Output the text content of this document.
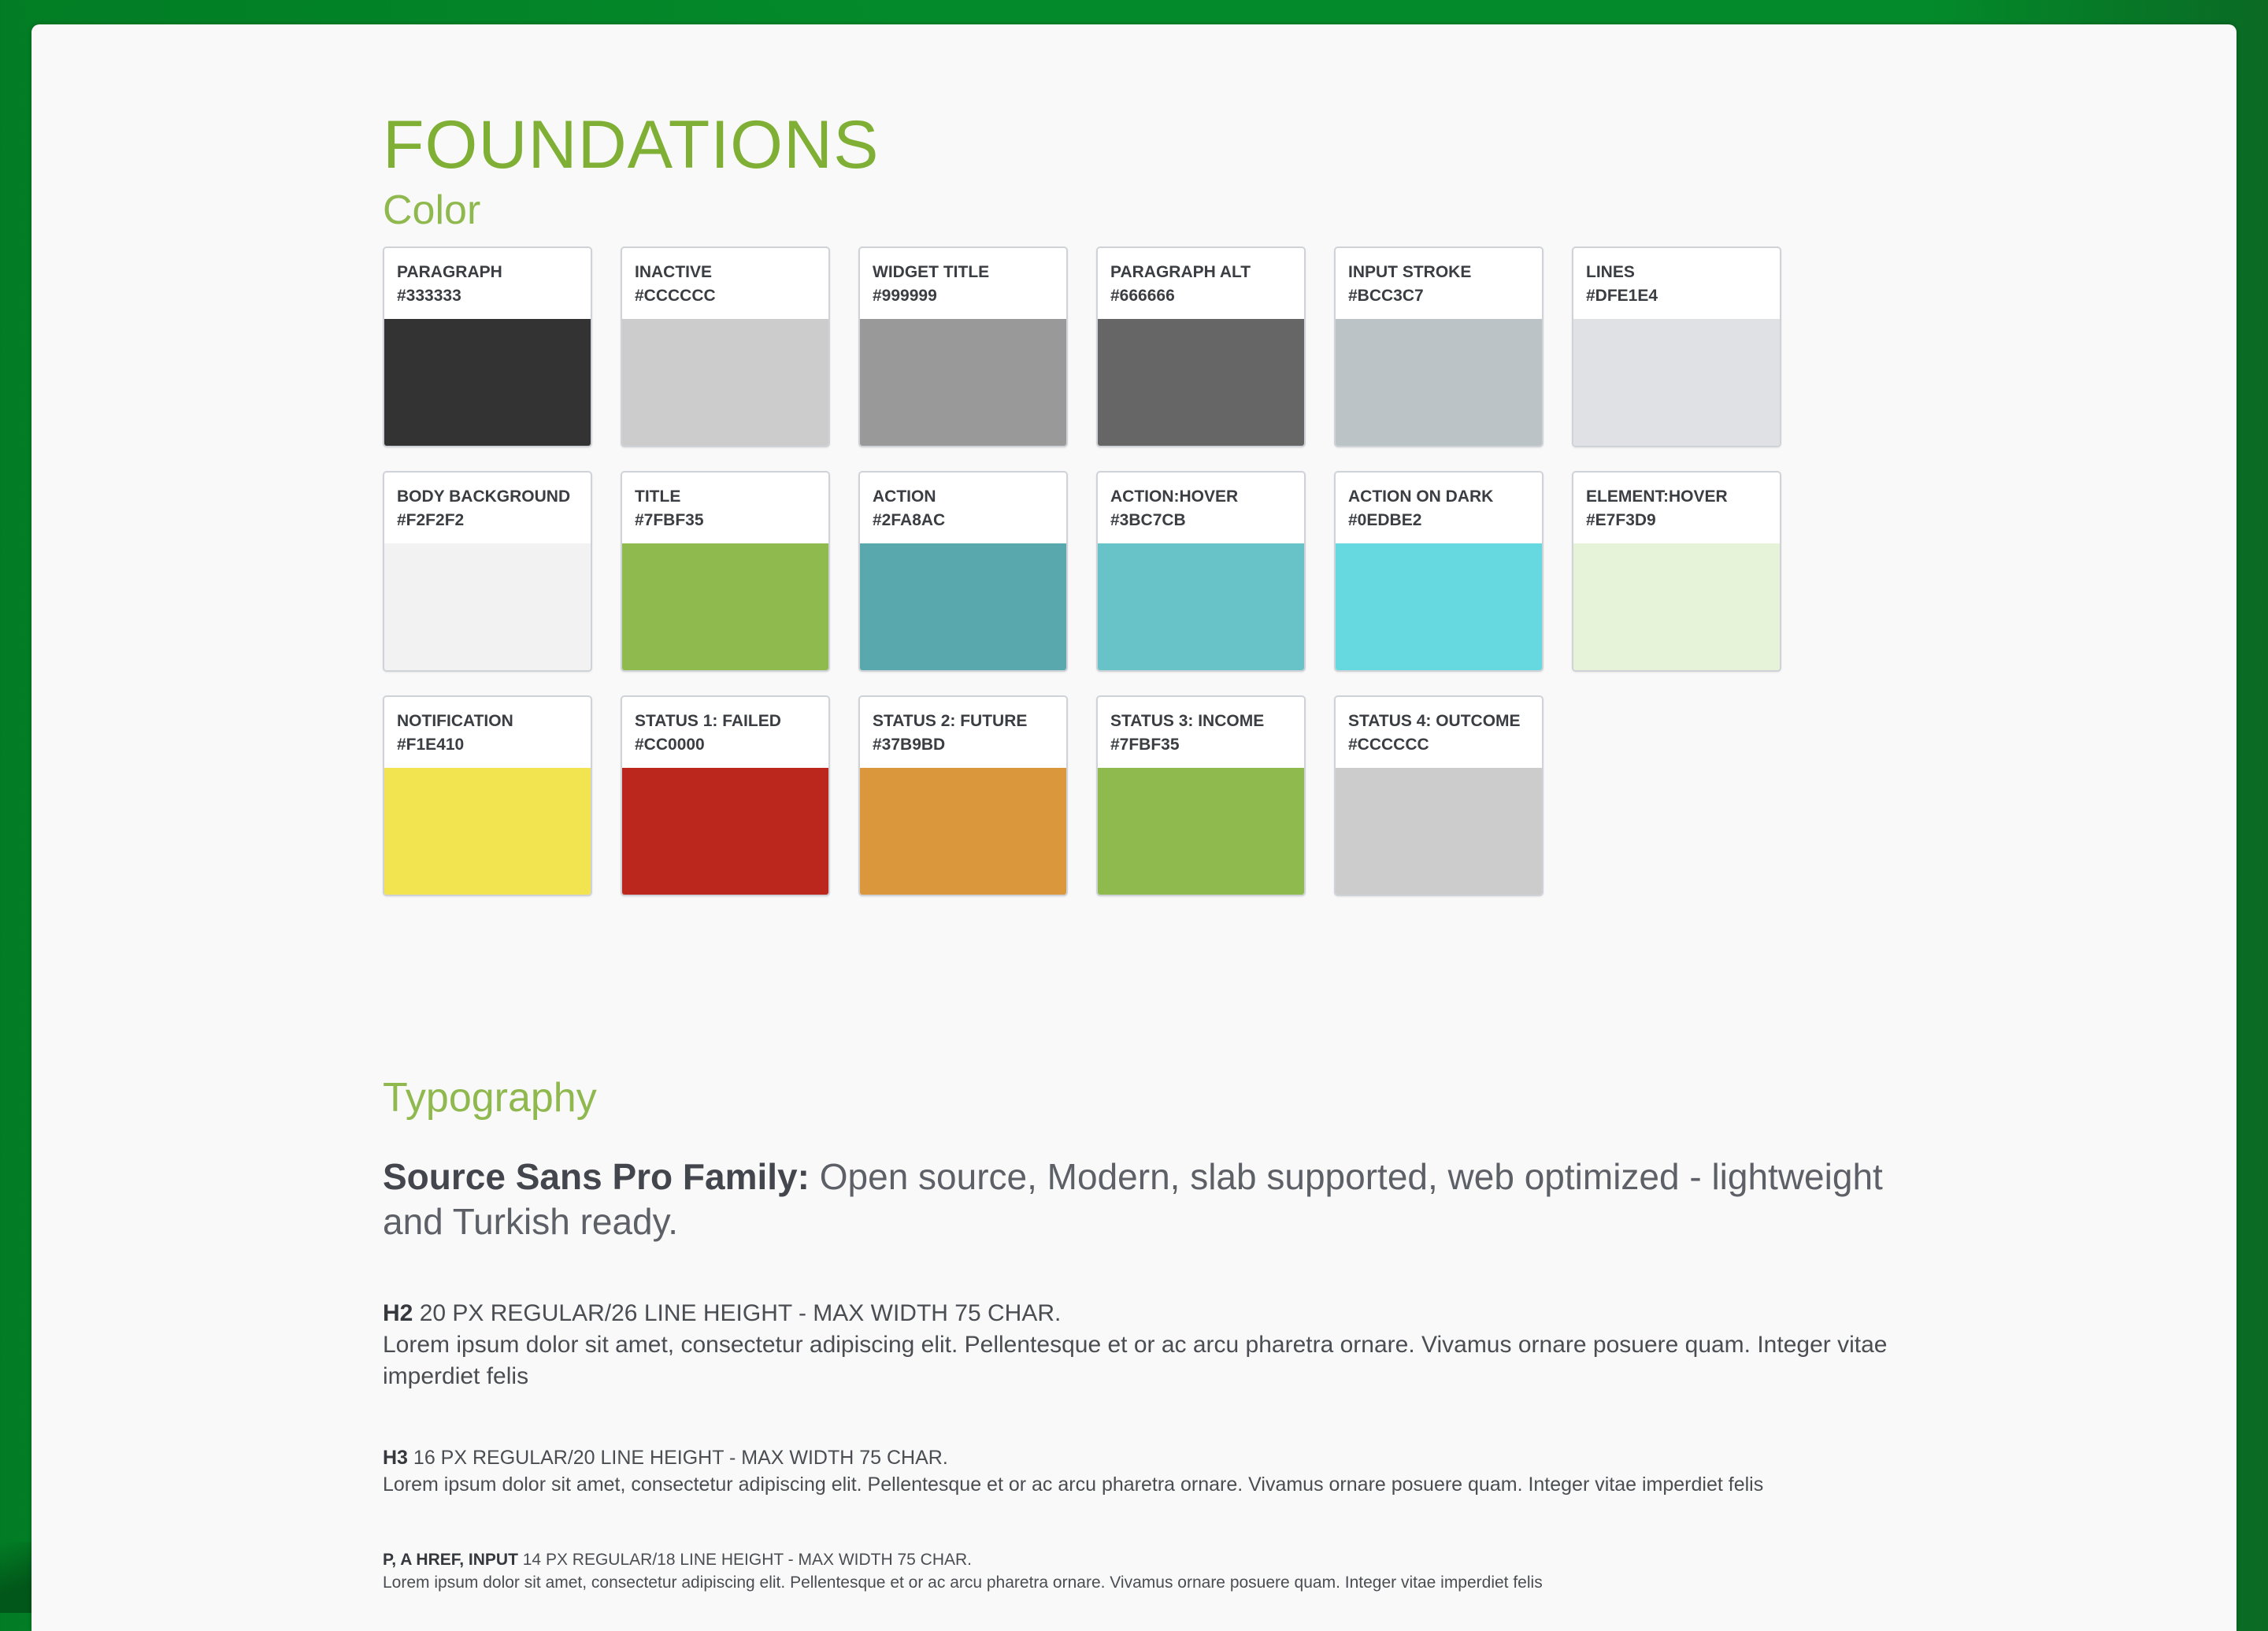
FOUNDATIONS
Color
PARAGRAPH
#333333
INACTIVE
#CCCCCC
WIDGET TITLE
#999999
PARAGRAPH ALT
#666666
INPUT STROKE
#BCC3C7
LINES
#DFE1E4
BODY BACKGROUND
#F2F2F2
TITLE
#7FBF35
ACTION
#2FA8AC
ACTION:HOVER
#3BC7CB
ACTION ON DARK
#0EDBE2
ELEMENT:HOVER
#E7F3D9
NOTIFICATION
#F1E410
STATUS 1: FAILED
#CC0000
STATUS 2: FUTURE
#37B9BD
STATUS 3: INCOME
#7FBF35
STATUS 4: OUTCOME
#CCCCCC
Typography

Source Sans Pro Family: Open source, Modern, slab supported, web optimized - lightweight and Turkish ready.

H2 20 PX REGULAR/26 LINE HEIGHT - MAX WIDTH 75 CHAR.
Lorem ipsum dolor sit amet, consectetur adipiscing elit. Pellentesque et or ac arcu pharetra ornare. Vivamus ornare posuere quam. Integer vitae imperdiet felis
H3 16 PX REGULAR/20 LINE HEIGHT - MAX WIDTH 75 CHAR.
Lorem ipsum dolor sit amet, consectetur adipiscing elit. Pellentesque et or ac arcu pharetra ornare. Vivamus ornare posuere quam. Integer vitae imperdiet felis
P, A HREF, INPUT 14 PX REGULAR/18 LINE HEIGHT - MAX WIDTH 75 CHAR.
Lorem ipsum dolor sit amet, consectetur adipiscing elit. Pellentesque et or ac arcu pharetra ornare. Vivamus ornare posuere quam. Integer vitae imperdiet felis
